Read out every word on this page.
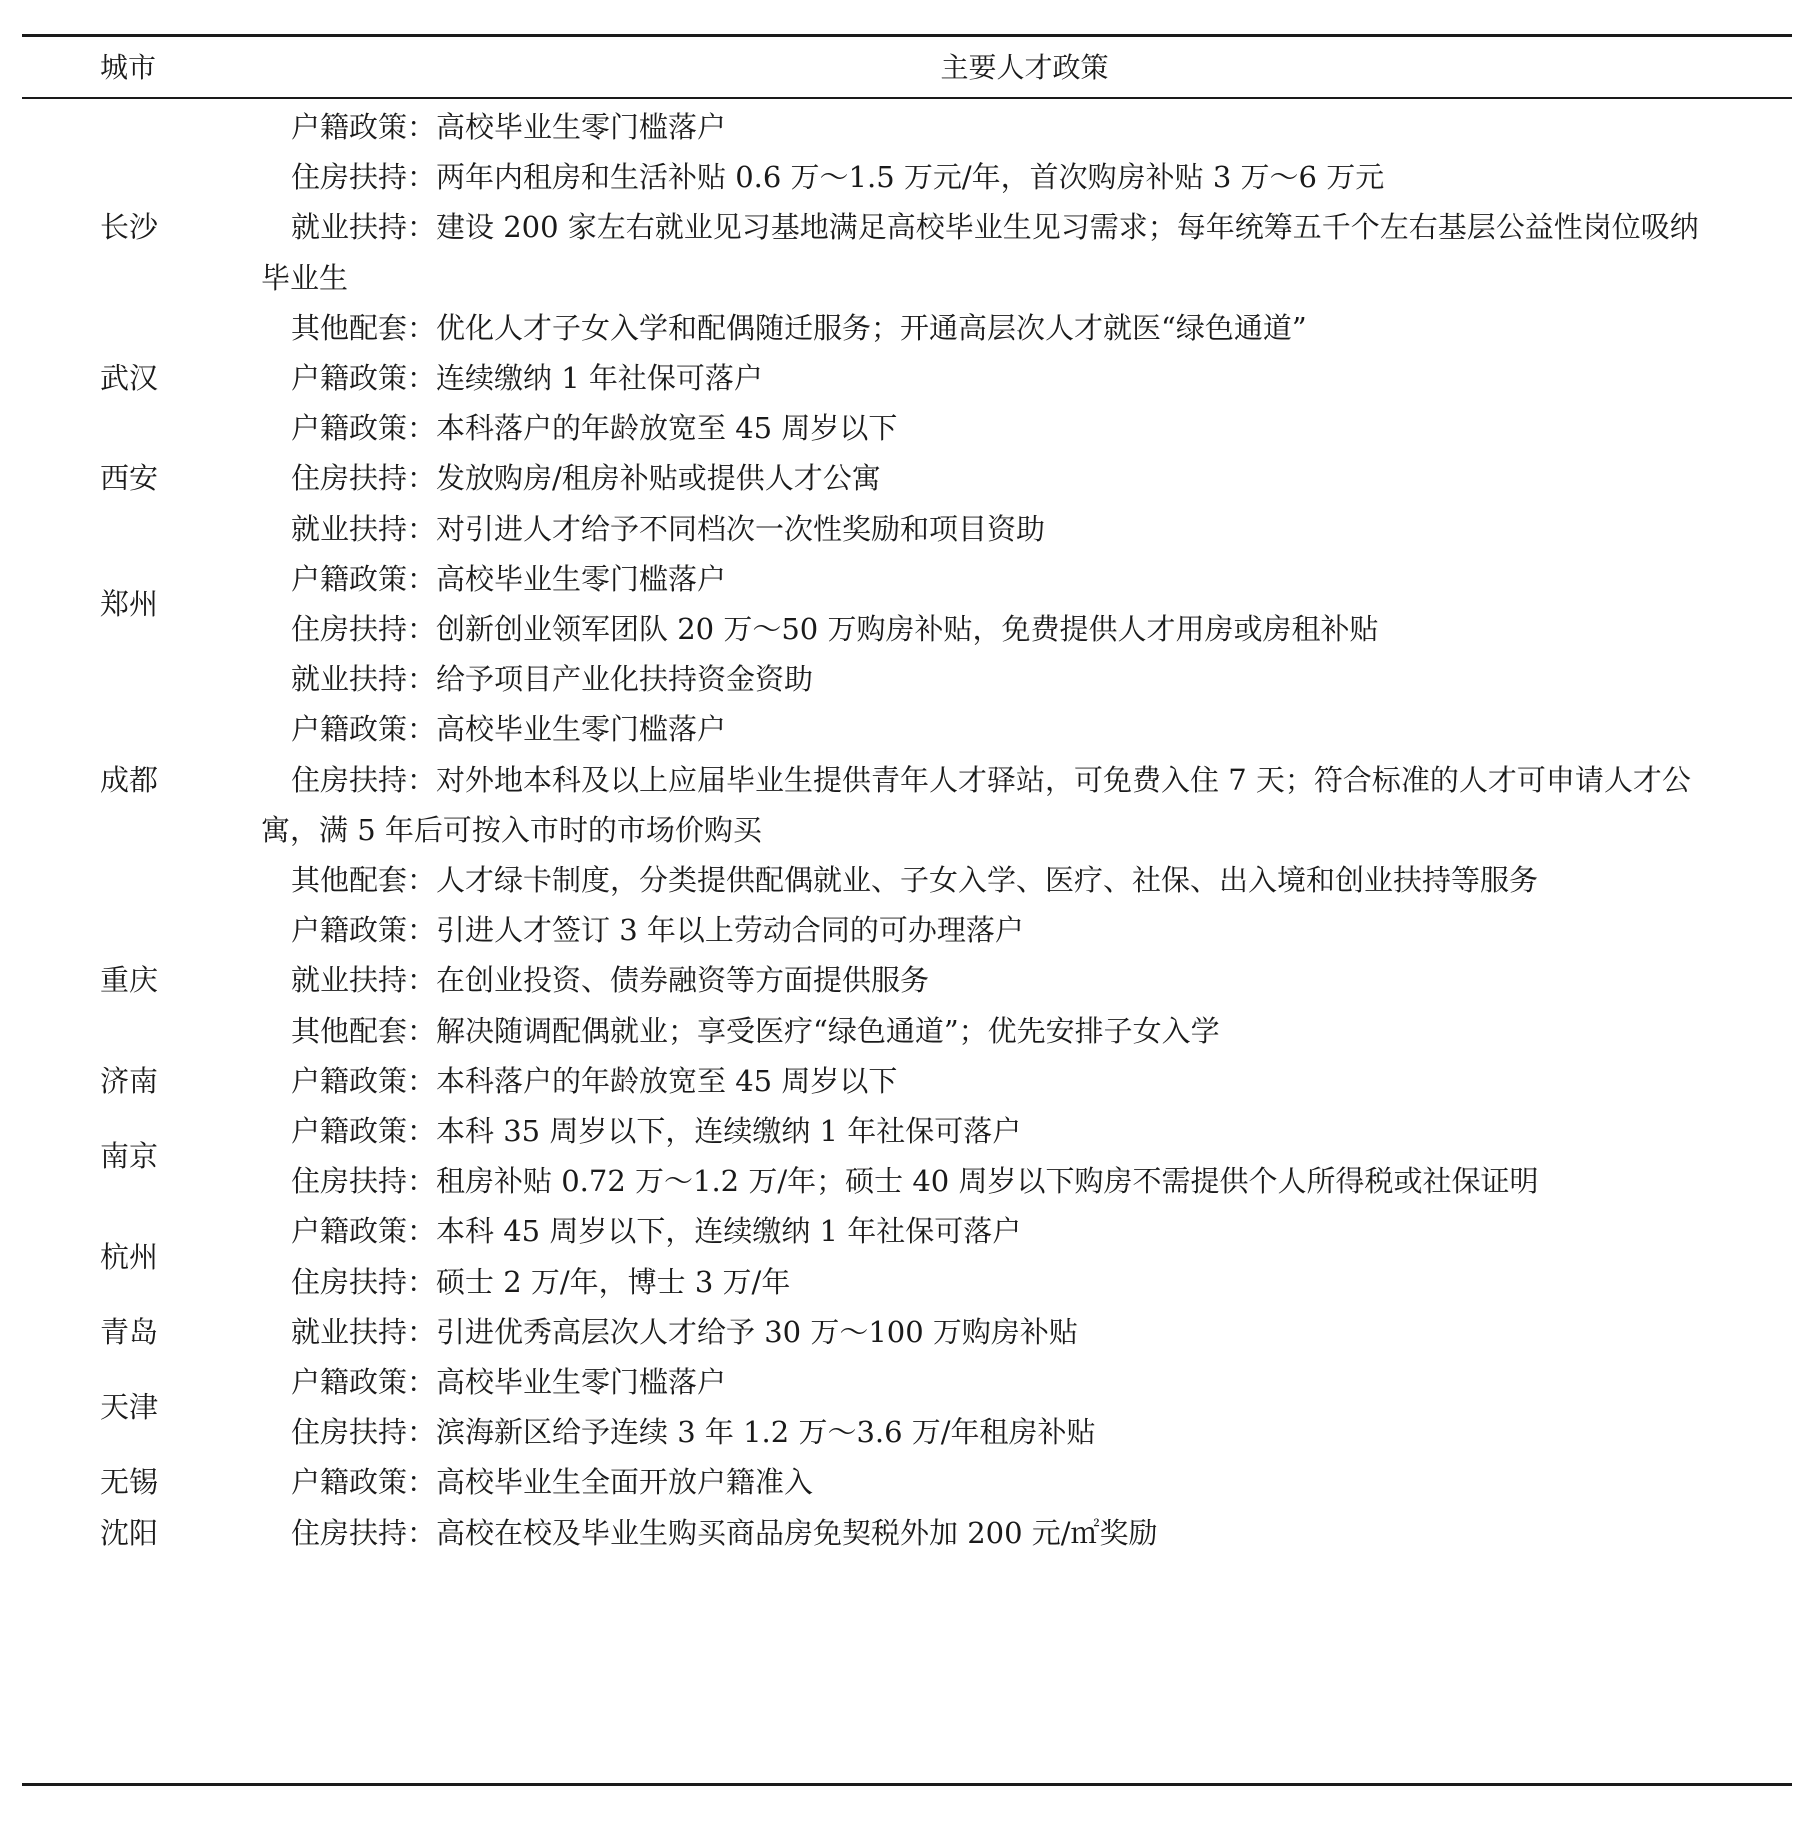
城市	主要人才政策
户籍政策：高校毕业生零门槛落户
住房扶持：两年内租房和生活补贴 0.6 万～1.5 万元/年，首次购房补贴 3 万～6 万元
就业扶持：建设 200 家左右就业见习基地满足高校毕业生见习需求；每年统筹五千个左右基层公益性岗位吸纳
毕业生
其他配套：优化人才子女入学和配偶随迁服务；开通高层次人才就医“绿色通道”
长沙
户籍政策：连续缴纳 1 年社保可落户
武汉
户籍政策：本科落户的年龄放宽至 45 周岁以下
住房扶持：发放购房/租房补贴或提供人才公寓
就业扶持：对引进人才给予不同档次一次性奖励和项目资助
西安
户籍政策：高校毕业生零门槛落户
住房扶持：创新创业领军团队 20 万～50 万购房补贴，免费提供人才用房或房租补贴
郑州
就业扶持：给予项目产业化扶持资金资助
户籍政策：高校毕业生零门槛落户
住房扶持：对外地本科及以上应届毕业生提供青年人才驿站，可免费入住 7 天；符合标准的人才可申请人才公
寓，满 5 年后可按入市时的市场价购买
其他配套：人才绿卡制度，分类提供配偶就业、子女入学、医疗、社保、出入境和创业扶持等服务
成都
户籍政策：引进人才签订 3 年以上劳动合同的可办理落户
就业扶持：在创业投资、债券融资等方面提供服务
其他配套：解决随调配偶就业；享受医疗“绿色通道”；优先安排子女入学
重庆
户籍政策：本科落户的年龄放宽至 45 周岁以下
济南
户籍政策：本科 35 周岁以下，连续缴纳 1 年社保可落户
住房扶持：租房补贴 0.72 万～1.2 万/年；硕士 40 周岁以下购房不需提供个人所得税或社保证明
南京
户籍政策：本科 45 周岁以下，连续缴纳 1 年社保可落户
住房扶持：硕士 2 万/年，博士 3 万/年
杭州
就业扶持：引进优秀高层次人才给予 30 万～100 万购房补贴
青岛
户籍政策：高校毕业生零门槛落户
住房扶持：滨海新区给予连续 3 年 1.2 万～3.6 万/年租房补贴
天津
户籍政策：高校毕业生全面开放户籍准入
无锡
住房扶持：高校在校及毕业生购买商品房免契税外加 200 元/㎡奖励
沈阳
